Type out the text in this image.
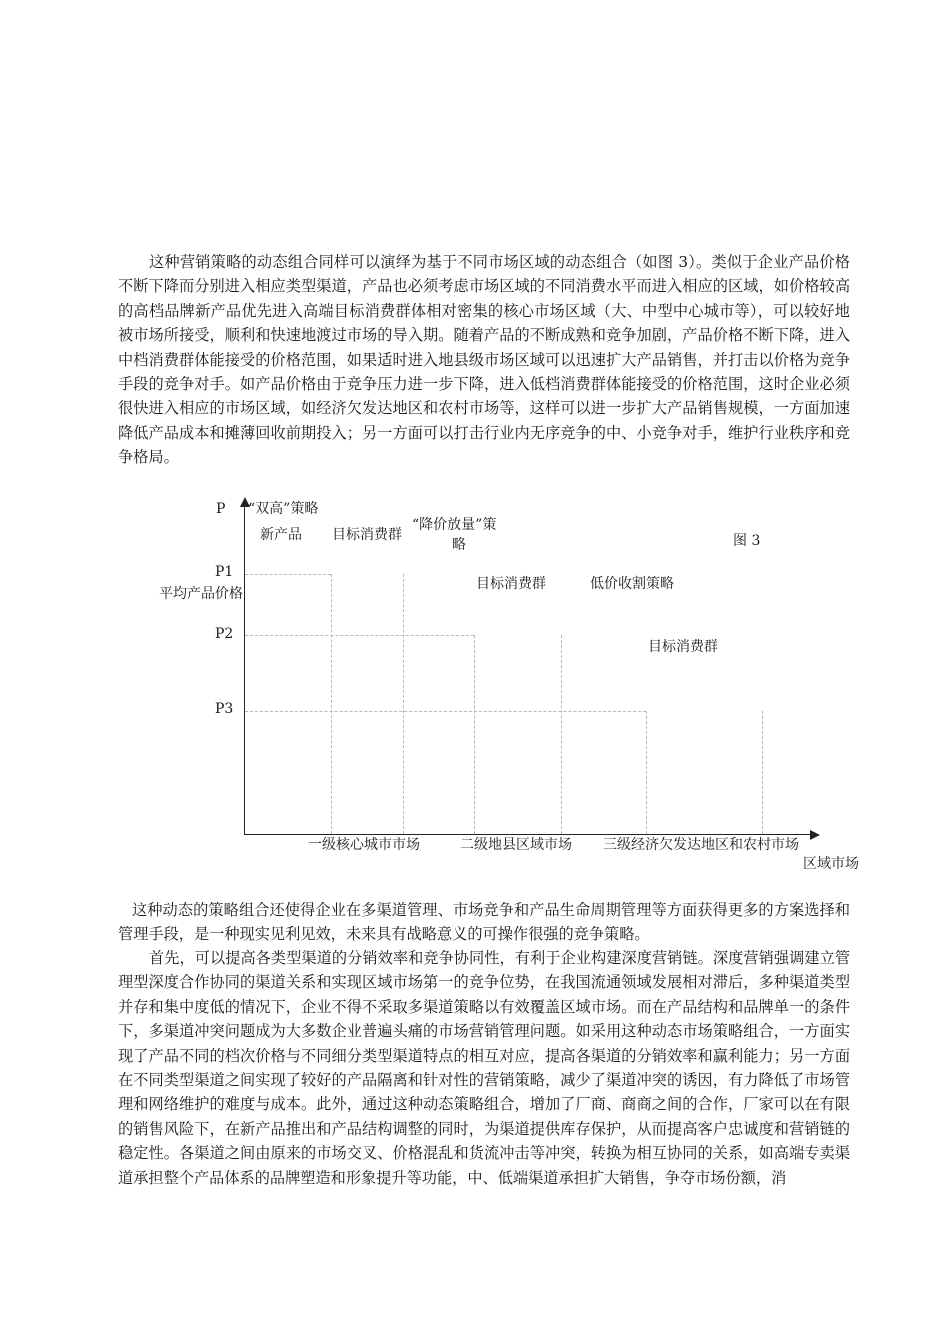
这种营销策略的动态组合同样可以演绎为基于不同市场区域的动态组合（如图 3）。类似于企业产品价格不断下降而分别进入相应类型渠道，产品也必须考虑市场区域的不同消费水平而进入相应的区域，如价格较高的高档品牌新产品优先进入高端目标消费群体相对密集的核心市场区域（大、中型中心城市等），可以较好地被市场所接受，顺利和快速地渡过市场的导入期。随着产品的不断成熟和竞争加剧，产品价格不断下降，进入中档消费群体能接受的价格范围，如果适时进入地县级市场区域可以迅速扩大产品销售，并打击以价格为竞争手段的竞争对手。如产品价格由于竞争压力进一步下降，进入低档消费群体能接受的价格范围，这时企业必须很快进入相应的市场区域，如经济欠发达地区和农村市场等，这样可以进一步扩大产品销售规模，一方面加速降低产品成本和摊薄回收前期投入；另一方面可以打击行业内无序竞争的中、小竞争对手，维护行业秩序和竞争格局。

P “双高”策略
新产品 目标消费群
“降价放量”策
略	图 3
P1
平均产品价格
目标消费群	低价收割策略
P2
目标消费群
P3
一级核心城市市场	二级地县区域市场 三级经济欠发达地区和农村市场
区域市场

这种动态的策略组合还使得企业在多渠道管理、市场竞争和产品生命周期管理等方面获得更多的方案选择和管理手段，是一种现实见利见效，未来具有战略意义的可操作很强的竞争策略。

首先，可以提高各类型渠道的分销效率和竞争协同性，有利于企业构建深度营销链。深度营销强调建立管理型深度合作协同的渠道关系和实现区域市场第一的竞争位势，在我国流通领域发展相对滞后，多种渠道类型并存和集中度低的情况下，企业不得不采取多渠道策略以有效覆盖区域市场。而在产品结构和品牌单一的条件下，多渠道冲突问题成为大多数企业普遍头痛的市场营销管理问题。如采用这种动态市场策略组合，一方面实现了产品不同的档次价格与不同细分类型渠道特点的相互对应，提高各渠道的分销效率和赢利能力；另一方面在不同类型渠道之间实现了较好的产品隔离和针对性的营销策略，减少了渠道冲突的诱因，有力降低了市场管理和网络维护的难度与成本。此外，通过这种动态策略组合，增加了厂商、商商之间的合作，厂家可以在有限的销售风险下，在新产品推出和产品结构调整的同时，为渠道提供库存保护，从而提高客户忠诚度和营销链的稳定性。各渠道之间由原来的市场交叉、价格混乱和货流冲击等冲突，转换为相互协同的关系，如高端专卖渠道承担整个产品体系的品牌塑造和形象提升等功能，中、低端渠道承担扩大销售，争夺市场份额，消
